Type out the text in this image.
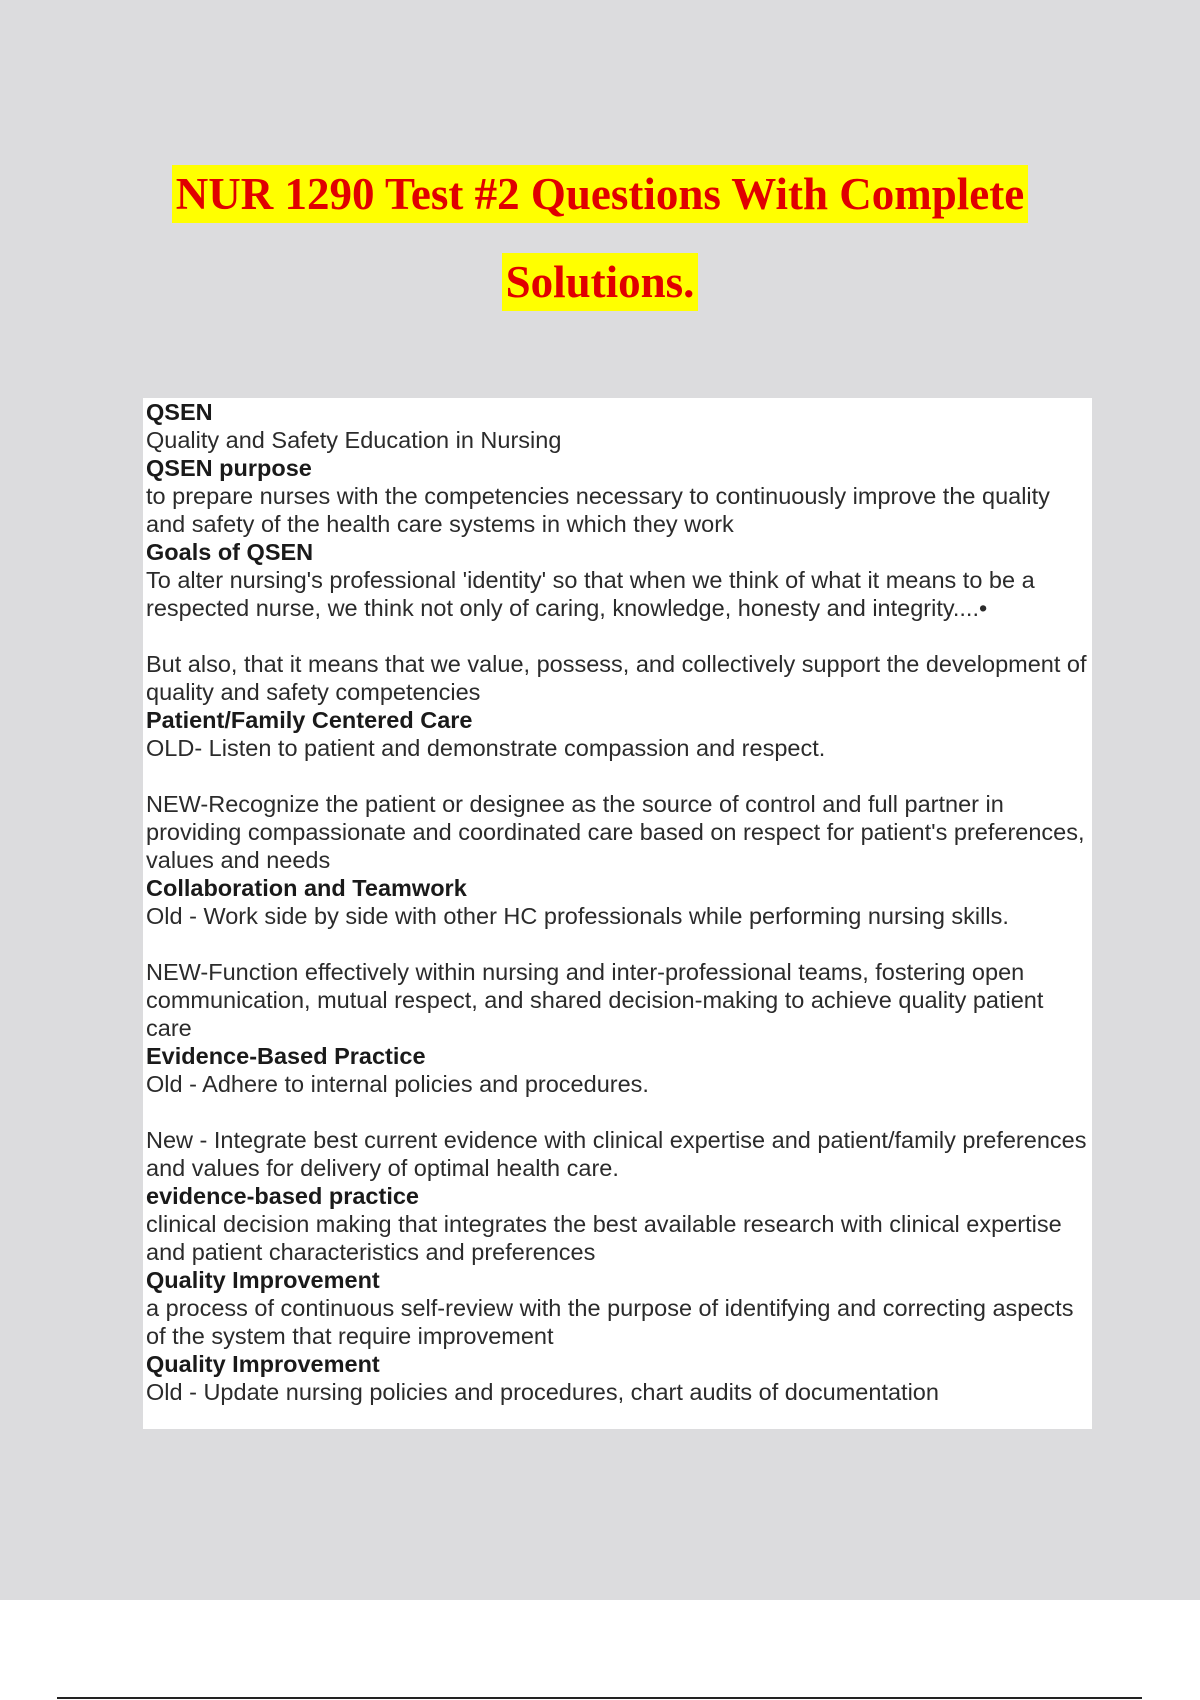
NUR 1290 Test #2 Questions With Complete
Solutions.
QSEN
Quality and Safety Education in Nursing
QSEN purpose
to prepare nurses with the competencies necessary to continuously improve the quality and safety of the health care systems in which they work
Goals of QSEN
To alter nursing's professional 'identity' so that when we think of what it means to be a respected nurse, we think not only of caring, knowledge, honesty and integrity....•
But also, that it means that we value, possess, and collectively support the development of quality and safety competencies
Patient/Family Centered Care
OLD- Listen to patient and demonstrate compassion and respect.
NEW-Recognize the patient or designee as the source of control and full partner in providing compassionate and coordinated care based on respect for patient's preferences, values and needs
Collaboration and Teamwork
Old - Work side by side with other HC professionals while performing nursing skills.
NEW-Function effectively within nursing and inter-professional teams, fostering open communication, mutual respect, and shared decision-making to achieve quality patient care
Evidence-Based Practice
Old - Adhere to internal policies and procedures.
New - Integrate best current evidence with clinical expertise and patient/family preferences and values for delivery of optimal health care.
evidence-based practice
clinical decision making that integrates the best available research with clinical expertise and patient characteristics and preferences
Quality Improvement
a process of continuous self-review with the purpose of identifying and correcting aspects of the system that require improvement
Quality Improvement
Old - Update nursing policies and procedures, chart audits of documentation
